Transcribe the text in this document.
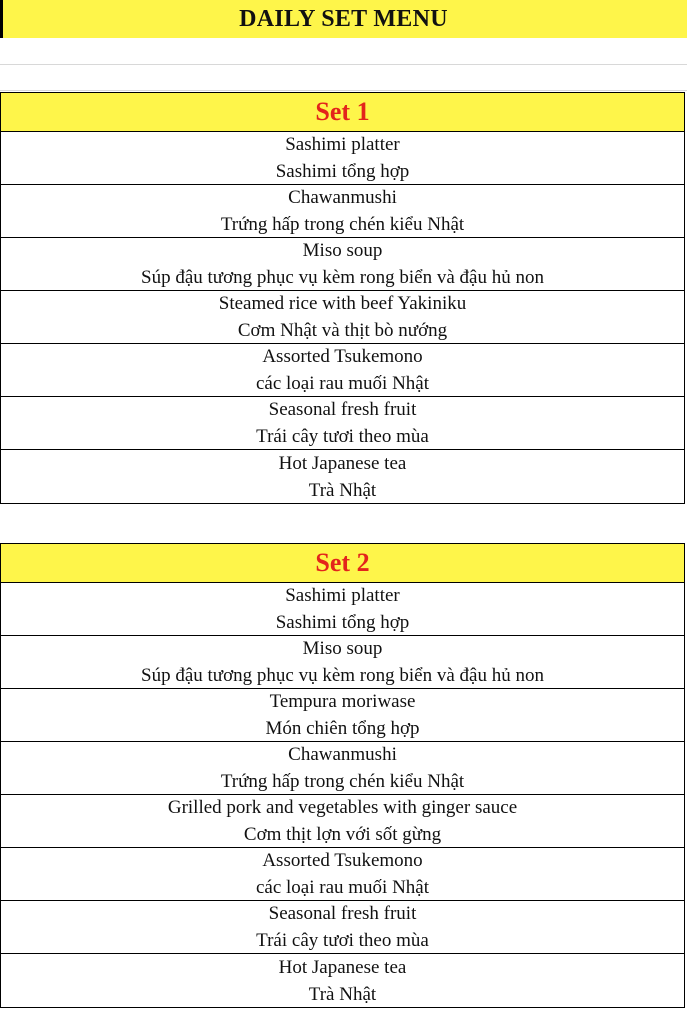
DAILY SET MENU
Set 1
Sashimi platter
Sashimi tổng hợp
Chawanmushi
Trứng hấp trong chén kiểu Nhật
Miso soup
Súp đậu tương phục vụ kèm rong biển và đậu hủ non
Steamed rice with beef Yakiniku
Cơm Nhật và thịt bò nướng
Assorted Tsukemono
các loại rau muối Nhật
Seasonal fresh fruit
Trái cây tươi theo mùa
Hot Japanese tea
Trà Nhật
Set 2
Sashimi platter
Sashimi tổng hợp
Miso soup
Súp đậu tương phục vụ kèm rong biển và đậu hủ non
Tempura moriwase
Món chiên tổng hợp
Chawanmushi
Trứng hấp trong chén kiểu Nhật
Grilled pork and vegetables with ginger sauce
Cơm thịt lợn với sốt gừng
Assorted Tsukemono
các loại rau muối Nhật
Seasonal fresh fruit
Trái cây tươi theo mùa
Hot Japanese tea
Trà Nhật
